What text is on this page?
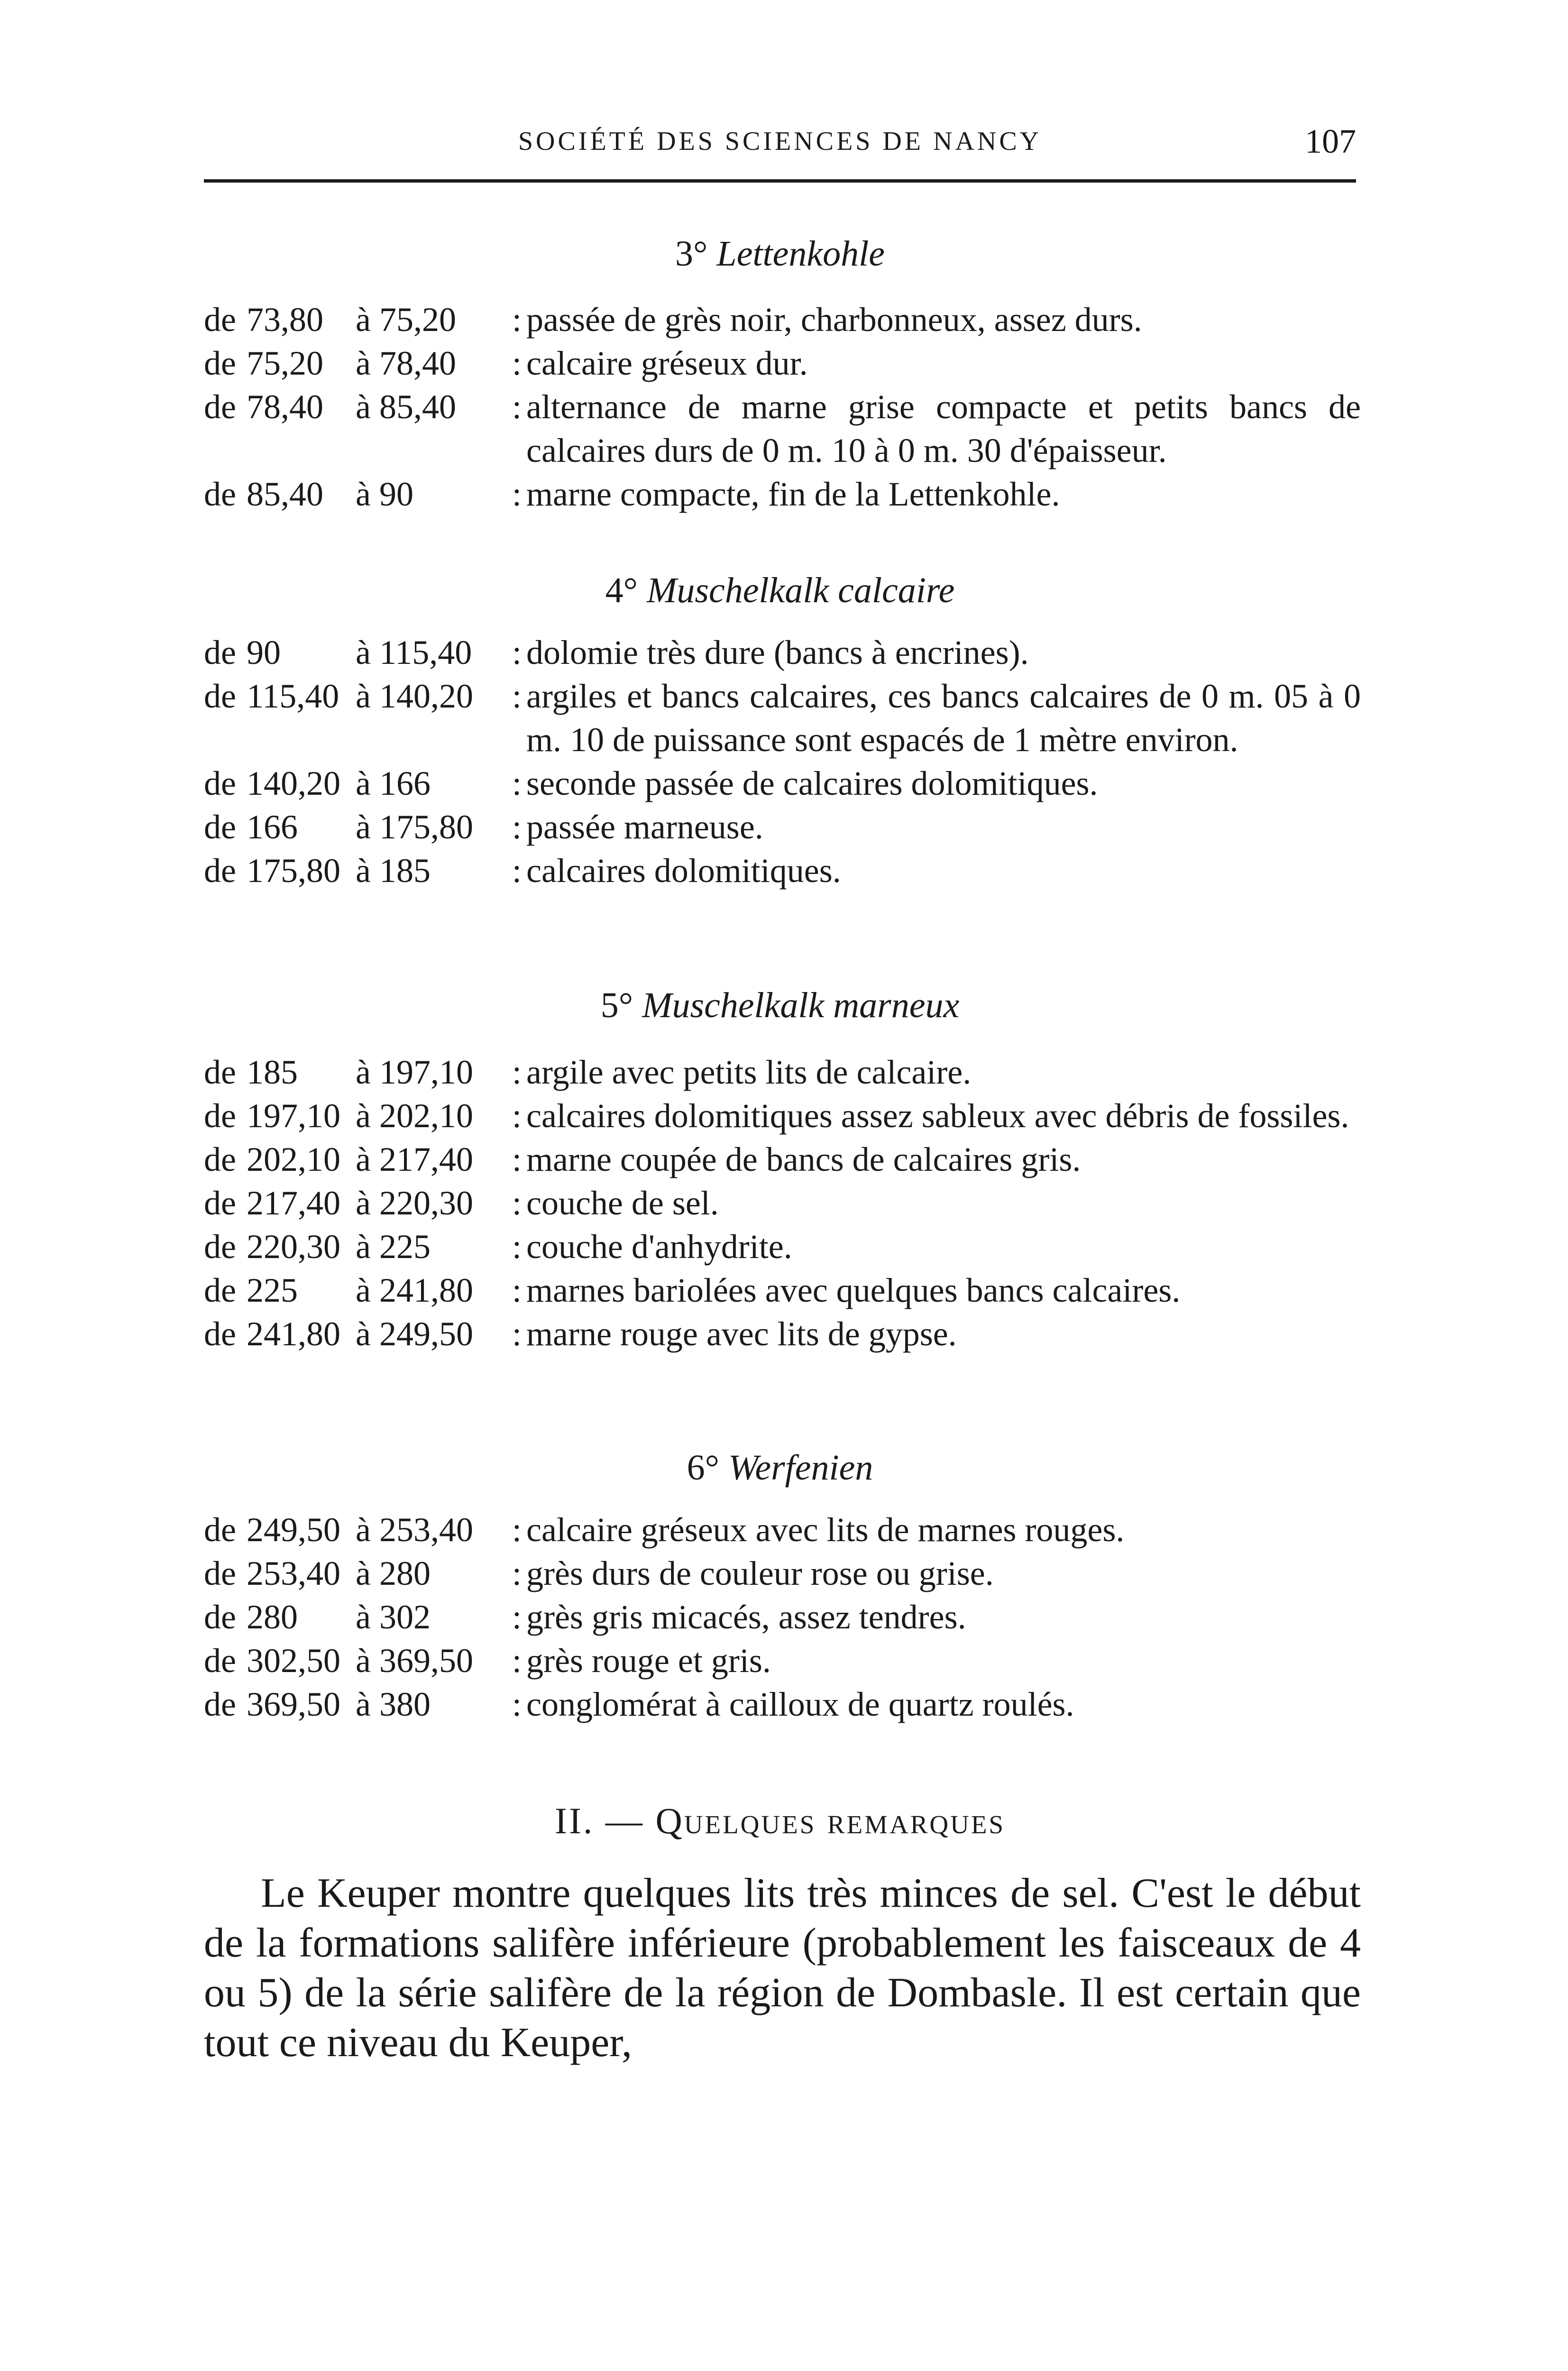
SOCIÉTÉ DES SCIENCES DE NANCY	107
3° Lettenkohle
de 73,80 à 75,20	: passée de grès noir, charbonneux, assez durs.
de 75,20 à 78,40	: calcaire gréseux dur.
de 78,40 à 85,40	: alternance de marne grise compacte et petits bancs de calcaires durs de 0 m. 10 à 0 m. 30 d'épaisseur.
de 85,40 à 90	: marne compacte, fin de la Lettenkohle.
4° Muschelkalk calcaire
de 90	à 115,40	: dolomie très dure (bancs à encrines).
de 115,40 à 140,20	: argiles et bancs calcaires, ces bancs calcaires de 0 m. 05 à 0 m. 10 de puissance sont espacés de 1 mètre environ.
de 140,20 à 166	: seconde passée de calcaires dolomitiques.
de 166	à 175,80	: passée marneuse.
de 175,80 à 185	: calcaires dolomitiques.
5° Muschelkalk marneux
de 185	à 197,10	: argile avec petits lits de calcaire.
de 197,10 à 202,10	: calcaires dolomitiques assez sableux avec débris de fossiles.
de 202,10 à 217,40	: marne coupée de bancs de calcaires gris.
de 217,40 à 220,30	: couche de sel.
de 220,30 à 225	: couche d'anhydrite.
de 225	à 241,80	: marnes bariolées avec quelques bancs calcaires.
de 241,80 à 249,50	: marne rouge avec lits de gypse.
6° Werfenien
de 249,50 à 253,40	: calcaire gréseux avec lits de marnes rouges.
de 253,40 à 280	: grès durs de couleur rose ou grise.
de 280	à 302	: grès gris micacés, assez tendres.
de 302,50 à 369,50	: grès rouge et gris.
de 369,50 à 380	: conglomérat à cailloux de quartz roulés.
II. — Quelques remarques
Le Keuper montre quelques lits très minces de sel. C'est le début de la formations salifère inférieure (probablement les faisceaux de 4 ou 5) de la série salifère de la région de Dombasle. Il est certain que tout ce niveau du Keuper,
